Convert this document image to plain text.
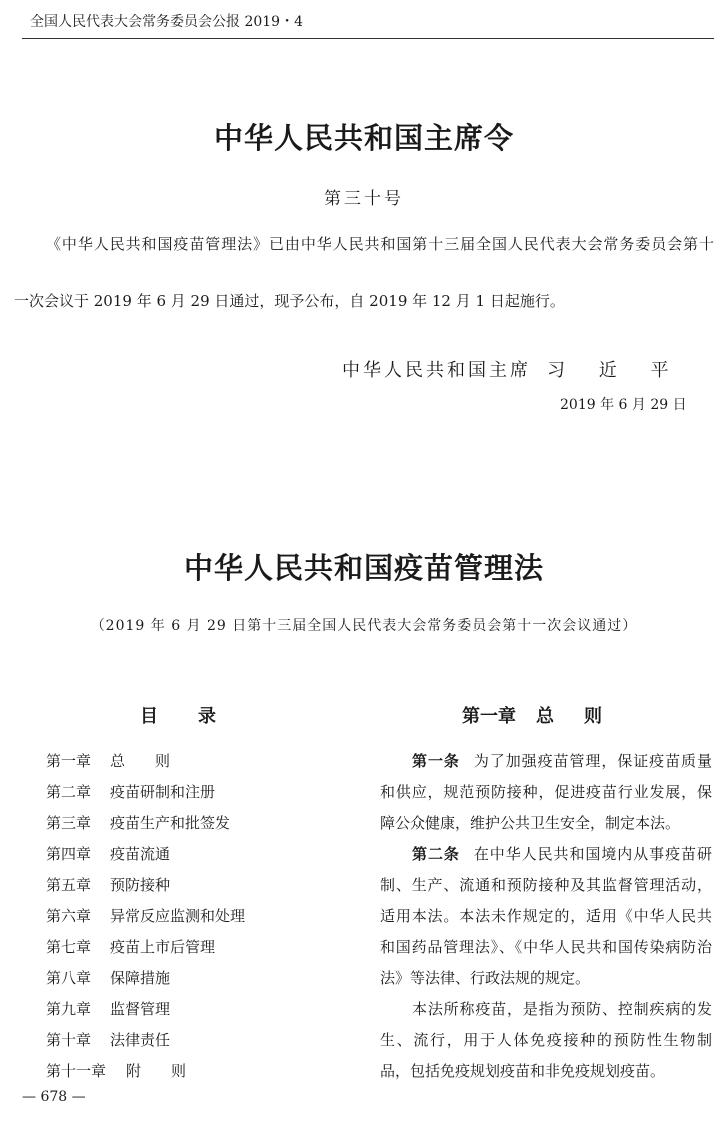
全国人民代表大会常务委员会公报 2019・4
中华人民共和国主席令
第三十号
《中华人民共和国疫苗管理法》已由中华人民共和国第十三届全国人民代表大会常务委员会第十
一次会议于 2019 年 6 月 29 日通过，现予公布，自 2019 年 12 月 1 日起施行。
中华人民共和国主席 习 近 平
2019 年 6 月 29 日
中华人民共和国疫苗管理法
（2019 年 6 月 29 日第十三届全国人民代表大会常务委员会第十一次会议通过）
目录	第一章 总则
第一章 总　　则
第二章 疫苗研制和注册
第三章 疫苗生产和批签发
第四章 疫苗流通
第五章 预防接种
第六章 异常反应监测和处理
第七章 疫苗上市后管理
第八章 保障措施
第九章 监督管理
第十章 法律责任
第十一章 附　　则
第一条 为了加强疫苗管理，保证疫苗质量
和供应，规范预防接种，促进疫苗行业发展，保
障公众健康，维护公共卫生安全，制定本法。
第二条 在中华人民共和国境内从事疫苗研
制、生产、流通和预防接种及其监督管理活动，
适用本法。本法未作规定的，适用《中华人民共
和国药品管理法》、《中华人民共和国传染病防治
法》等法律、行政法规的规定。
本法所称疫苗，是指为预防、控制疾病的发
生、流行，用于人体免疫接种的预防性生物制
品，包括免疫规划疫苗和非免疫规划疫苗。
— 678 —
